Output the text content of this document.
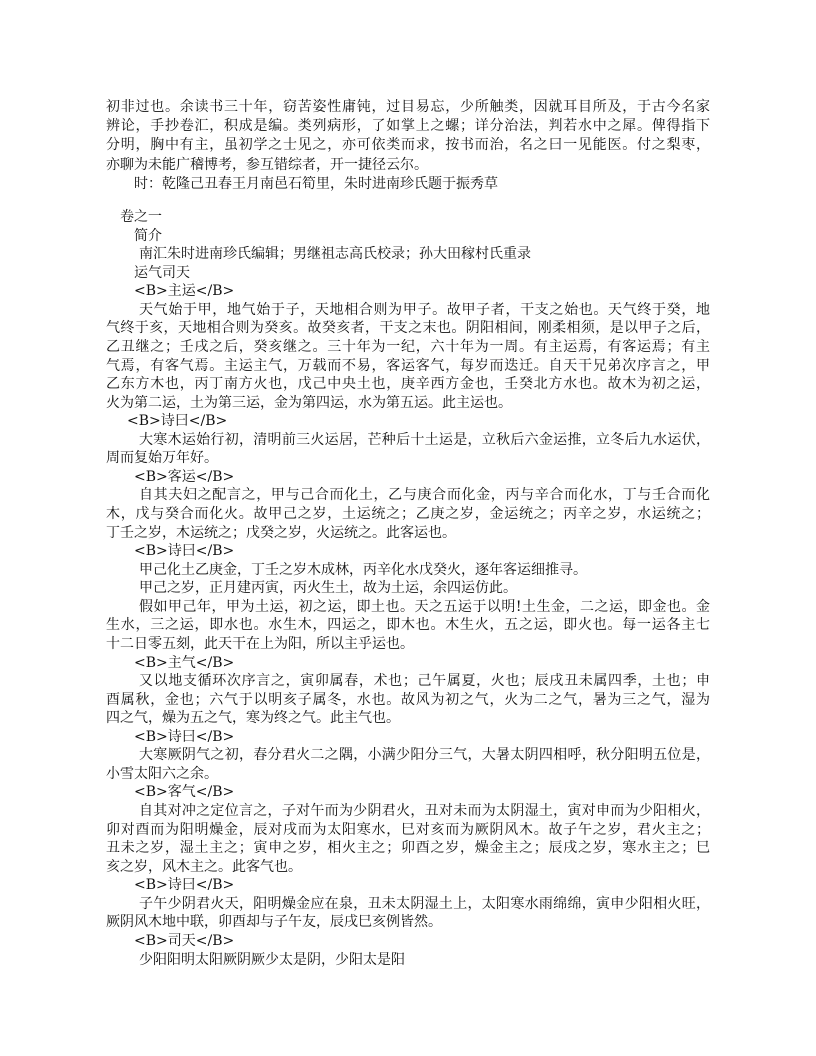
初非过也。余读书三十年，窃苦姿性庸钝，过目易忘，少所触类，因就耳目所及，于古今名家
辨论，手抄卷汇，积成是编。类列病形，了如掌上之螺；详分治法，判若水中之犀。俾得指下
分明，胸中有主，虽初学之士见之，亦可依类而求，按书而治，名之曰一见能医。付之梨枣，
亦聊为未能广稽博考，参互错综者，开一捷径云尔。
时：乾隆己丑春王月南邑石筍里，朱时进南珍氏题于振秀草
卷之一
简介
南汇朱时进南珍氏编辑；男继祖志高氏校录；孙大田稼村氏重录
运气司天
<B>主运</B>
天气始于甲，地气始于子，天地相合则为甲子。故甲子者，干支之始也。天气终于癸，地
气终于亥，天地相合则为癸亥。故癸亥者，干支之末也。阴阳相间，刚柔相须，是以甲子之后，
乙丑继之；壬戌之后，癸亥继之。三十年为一纪，六十年为一周。有主运焉，有客运焉；有主
气焉，有客气焉。主运主气，万载而不易，客运客气，每岁而迭迁。自天干兄弟次序言之，甲
乙东方木也，丙丁南方火也，戊己中央土也，庚辛西方金也，壬癸北方水也。故木为初之运，
火为第二运，土为第三运，金为第四运，水为第五运。此主运也。
<B>诗曰</B>
大寒木运始行初，清明前三火运居，芒种后十土运是，立秋后六金运推，立冬后九水运伏，
周而复始万年好。
<B>客运</B>
自其夫妇之配言之，甲与己合而化土，乙与庚合而化金，丙与辛合而化水，丁与壬合而化
木，戊与癸合而化火。故甲己之岁，土运统之；乙庚之岁，金运统之；丙辛之岁，水运统之；
丁壬之岁，木运统之；戊癸之岁，火运统之。此客运也。
<B>诗曰</B>
甲己化土乙庚金，丁壬之岁木成林，丙辛化水戊癸火，逐年客运细推寻。
甲己之岁，正月建丙寅，丙火生土，故为土运，余四运仿此。
假如甲己年，甲为土运，初之运，即土也。天之五运于以明!土生金，二之运，即金也。金
生水，三之运，即水也。水生木，四运之，即木也。木生火，五之运，即火也。每一运各主七
十二日零五刻，此天干在上为阳，所以主乎运也。
<B>主气</B>
又以地支循环次序言之，寅卯属春，术也；己午属夏，火也；辰戌丑未属四季，土也；申
酉属秋，金也；六气于以明亥子属冬，水也。故风为初之气，火为二之气，暑为三之气，湿为
四之气，燥为五之气，寒为终之气。此主气也。
<B>诗曰</B>
大寒厥阴气之初，春分君火二之隅，小满少阳分三气，大暑太阴四相呼，秋分阳明五位是，
小雪太阳六之余。
<B>客气</B>
自其对冲之定位言之，子对午而为少阴君火，丑对未而为太阴湿土，寅对申而为少阳相火，
卯对酉而为阳明燥金，辰对戌而为太阳寒水，巳对亥而为厥阴风木。故子午之岁，君火主之；
丑未之岁，湿土主之；寅申之岁，相火主之；卯酉之岁，燥金主之；辰戌之岁，寒水主之；巳
亥之岁，风木主之。此客气也。
<B>诗曰</B>
子午少阴君火天，阳明燥金应在泉，丑未太阴湿土上，太阳寒水雨绵绵，寅申少阳相火旺，
厥阴风木地中联，卯酉却与子午友，辰戌巳亥例皆然。
<B>司天</B>
少阳阳明太阳厥阴厥少太是阴，少阳太是阳
